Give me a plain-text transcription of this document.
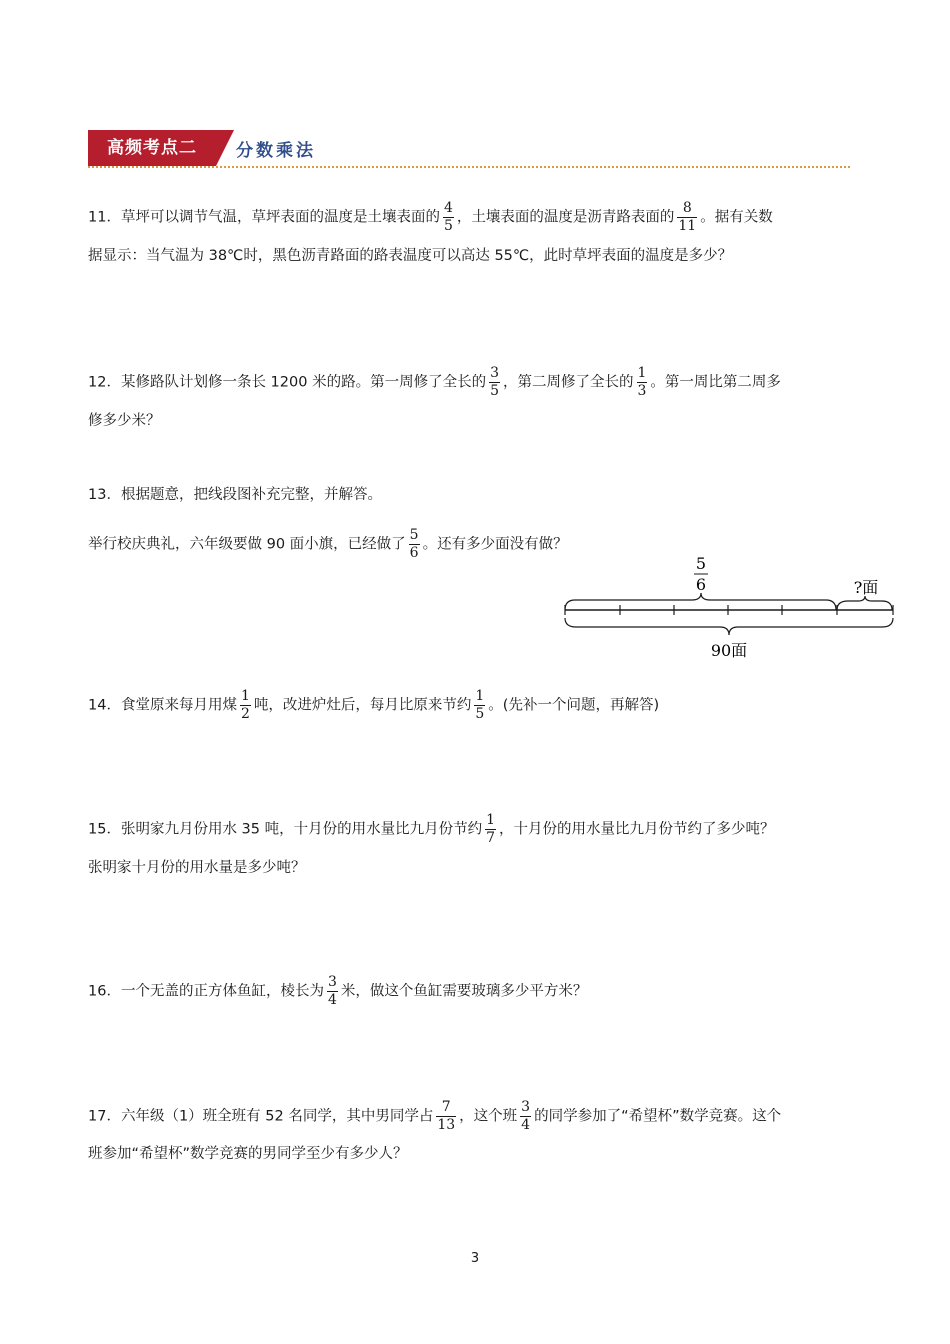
高频考点二	分数乘法
11．草坪可以调节气温，草坪表面的温度是土壤表面的 $\frac{4}{5}$ ，土壤表面的温度是沥青路表面的 $\frac{8}{11}$ 。据有关数
据显示：当气温为 38℃时，黑色沥青路面的路表温度可以高达 55℃，此时草坪表面的温度是多少？
12．某修路队计划修一条长 1200 米的路。第一周修了全长的 $\frac{3}{5}$ ，第二周修了全长的 $\frac{1}{3}$ 。第一周比第二周多
修多少米？
13．根据题意，把线段图补充完整，并解答。
举行校庆典礼，六年级要做 90 面小旗，已经做了 $\frac{5}{6}$ 。还有多少面没有做？
5
6	?面
90面
14．食堂原来每月用煤 $\frac{1}{2}$ 吨，改进炉灶后，每月比原来节约 $\frac{1}{5}$ 。(先补一个问题，再解答)
15．张明家九月份用水 35 吨，十月份的用水量比九月份节约 $\frac{1}{7}$ ，十月份的用水量比九月份节约了多少吨？
张明家十月份的用水量是多少吨？
16．一个无盖的正方体鱼缸，棱长为 $\frac{3}{4}$ 米，做这个鱼缸需要玻璃多少平方米？
17．六年级（1）班全班有 52 名同学，其中男同学占 $\frac{7}{13}$ ，这个班 $\frac{3}{4}$ 的同学参加了“希望杯”数学竞赛。这个
班参加“希望杯”数学竞赛的男同学至少有多少人？
3
